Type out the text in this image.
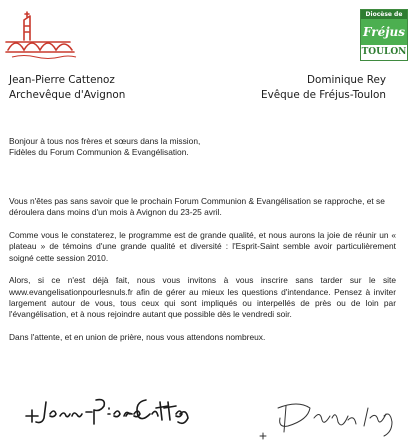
Diocèse de
Fréjus
TOULON
Jean-Pierre Cattenoz
Archevêque d'Avignon
Dominique Rey
Evêque de Fréjus-Toulon

Bonjour à tous nos frères et sœurs dans la mission,
Fidèles du Forum Communion & Evangélisation.

Vous n'êtes pas sans savoir que le prochain Forum Communion & Evangélisation se rapproche, et se déroulera dans moins d'un mois à Avignon du 23-25 avril.

Comme vous le constaterez, le programme est de grande qualité, et nous aurons la joie de réunir un « plateau » de témoins d'une grande qualité et diversité : l'Esprit-Saint semble avoir particulièrement soigné cette session 2010.

Alors, si ce n'est déjà fait, nous vous invitons à vous inscrire sans tarder sur le site www.evangelisationpourlesnuls.fr afin de gérer au mieux les questions d'intendance. Pensez à inviter largement autour de vous, tous ceux qui sont impliqués ou interpellés de près ou de loin par l'évangélisation, et à nous rejoindre autant que possible dès le vendredi soir.

Dans l'attente, et en union de prière, nous vous attendons nombreux.
